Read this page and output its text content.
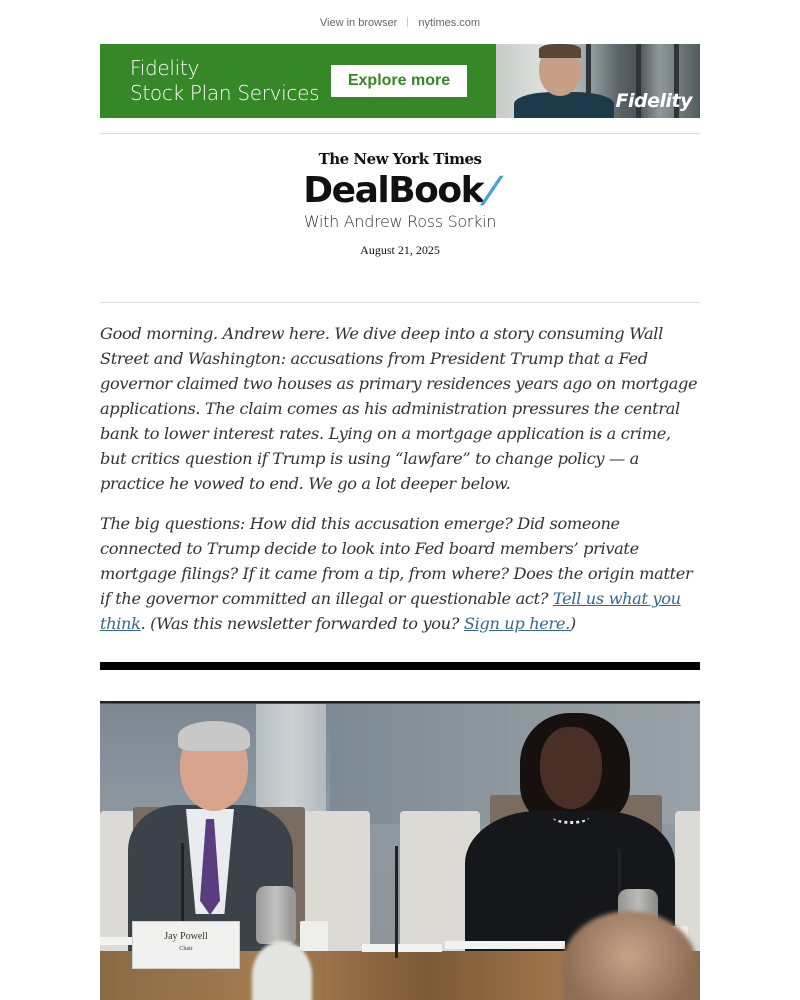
View in browser nytimes.com
Fidelity
Stock Plan Services
Explore more
Fidelity
The New York Times
DealBook/
With Andrew Ross Sorkin
August 21, 2025

Good morning. Andrew here. We dive deep into a story consuming Wall Street and Washington: accusations from President Trump that a Fed governor claimed two houses as primary residences years ago on mortgage applications. The claim comes as his administration pressures the central bank to lower interest rates. Lying on a mortgage application is a crime, but critics question if Trump is using “lawfare” to change policy — a practice he vowed to end. We go a lot deeper below.

The big questions: How did this accusation emerge? Did someone connected to Trump decide to look into Fed board members’ private mortgage filings? If it came from a tip, from where? Does the origin matter if the governor committed an illegal or questionable act? Tell us what you think. (Was this newsletter forwarded to you? Sign up here.)

Jay Powell
Chair
